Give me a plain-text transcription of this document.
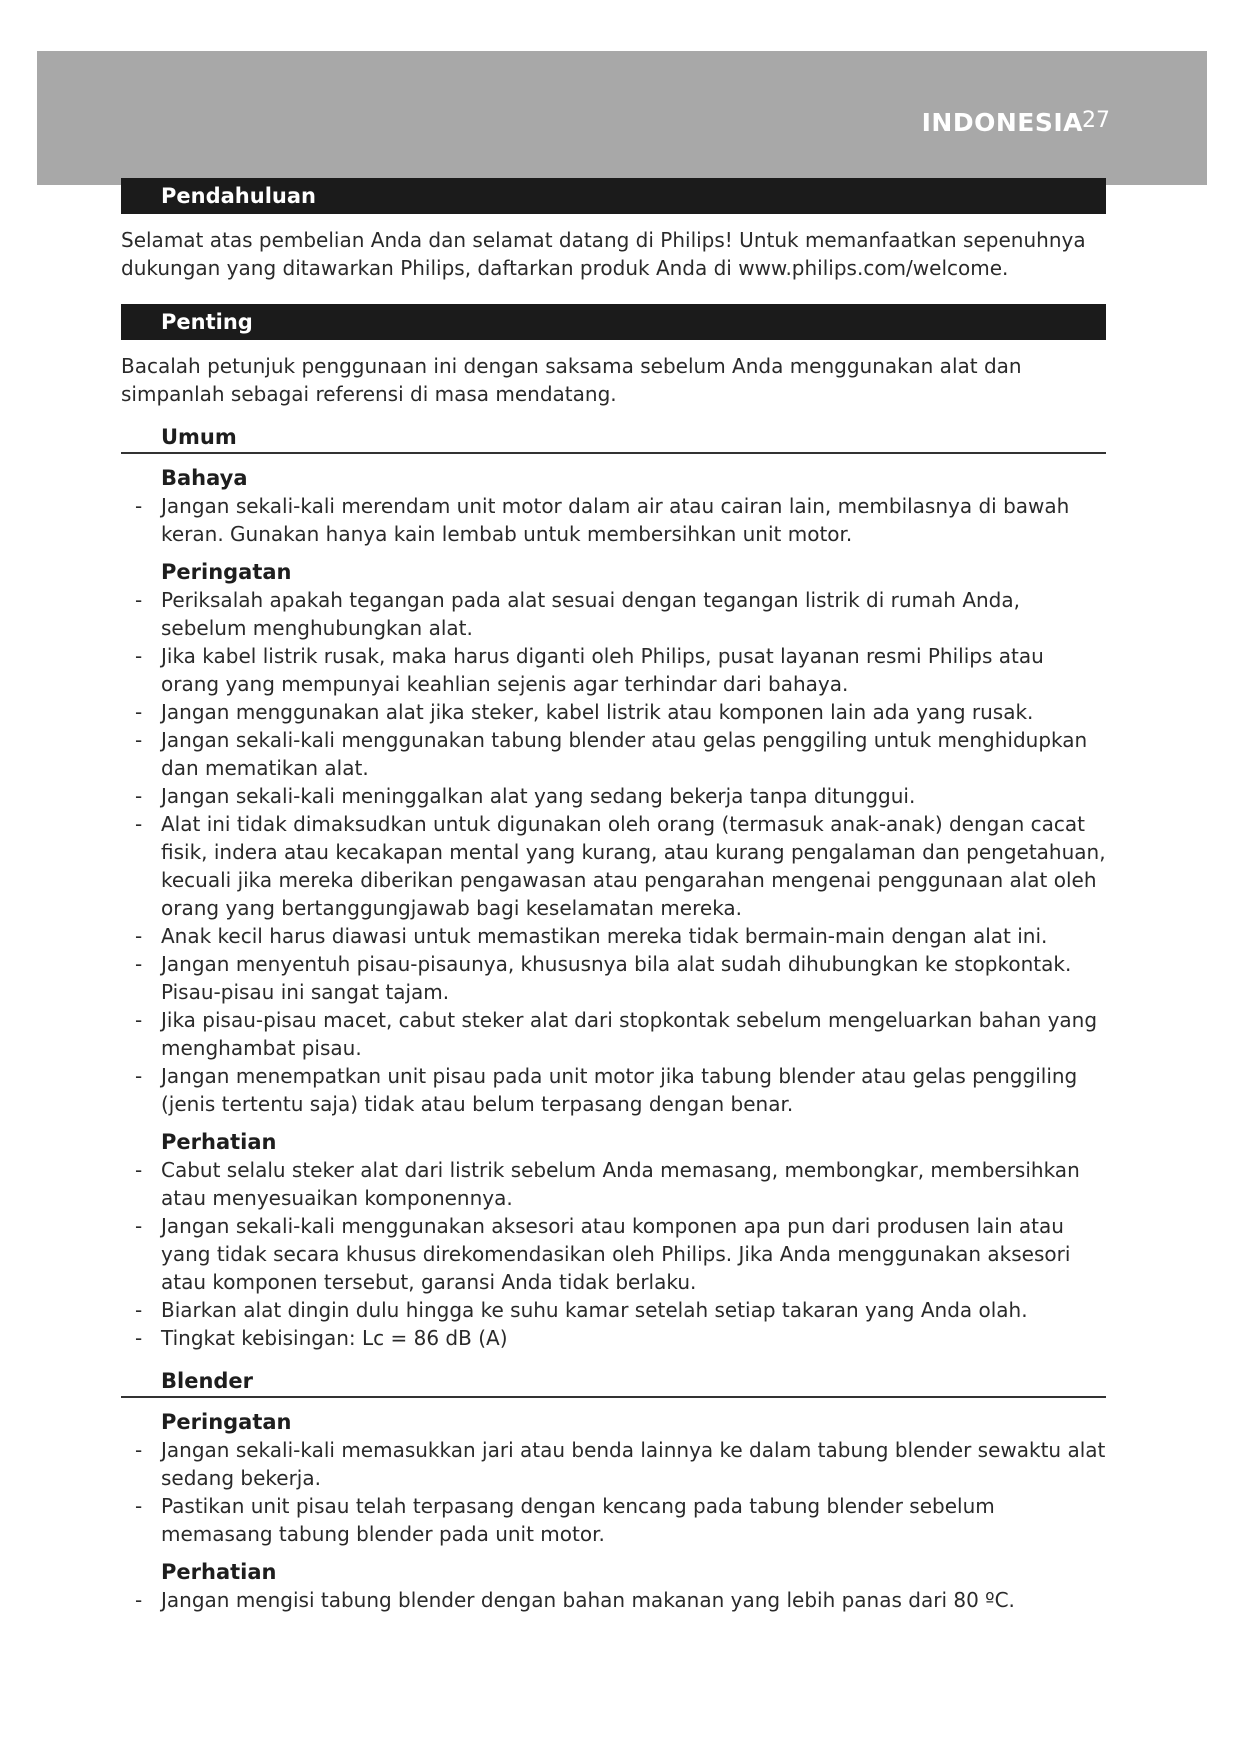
INDONESIA 27
Pendahuluan

Selamat atas pembelian Anda dan selamat datang di Philips! Untuk memanfaatkan sepenuhnya dukungan yang ditawarkan Philips, daftarkan produk Anda di www.philips.com/welcome.

Penting

Bacalah petunjuk penggunaan ini dengan saksama sebelum Anda menggunakan alat dan simpanlah sebagai referensi di masa mendatang.

Umum
Bahaya
- Jangan sekali-kali merendam unit motor dalam air atau cairan lain, membilasnya di bawah keran. Gunakan hanya kain lembab untuk membersihkan unit motor.
Peringatan
- Periksalah apakah tegangan pada alat sesuai dengan tegangan listrik di rumah Anda, sebelum menghubungkan alat.
- Jika kabel listrik rusak, maka harus diganti oleh Philips, pusat layanan resmi Philips atau orang yang mempunyai keahlian sejenis agar terhindar dari bahaya.
- Jangan menggunakan alat jika steker, kabel listrik atau komponen lain ada yang rusak.
- Jangan sekali-kali menggunakan tabung blender atau gelas penggiling untuk menghidupkan dan mematikan alat.
- Jangan sekali-kali meninggalkan alat yang sedang bekerja tanpa ditunggui.
- Alat ini tidak dimaksudkan untuk digunakan oleh orang (termasuk anak-anak) dengan cacat fisik, indera atau kecakapan mental yang kurang, atau kurang pengalaman dan pengetahuan, kecuali jika mereka diberikan pengawasan atau pengarahan mengenai penggunaan alat oleh orang yang bertanggungjawab bagi keselamatan mereka.
- Anak kecil harus diawasi untuk memastikan mereka tidak bermain-main dengan alat ini.
- Jangan menyentuh pisau-pisaunya, khususnya bila alat sudah dihubungkan ke stopkontak. Pisau-pisau ini sangat tajam.
- Jika pisau-pisau macet, cabut steker alat dari stopkontak sebelum mengeluarkan bahan yang menghambat pisau.
- Jangan menempatkan unit pisau pada unit motor jika tabung blender atau gelas penggiling (jenis tertentu saja) tidak atau belum terpasang dengan benar.
Perhatian
- Cabut selalu steker alat dari listrik sebelum Anda memasang, membongkar, membersihkan atau menyesuaikan komponennya.
- Jangan sekali-kali menggunakan aksesori atau komponen apa pun dari produsen lain atau yang tidak secara khusus direkomendasikan oleh Philips. Jika Anda menggunakan aksesori atau komponen tersebut, garansi Anda tidak berlaku.
- Biarkan alat dingin dulu hingga ke suhu kamar setelah setiap takaran yang Anda olah.
- Tingkat kebisingan: Lc = 86 dB (A)
Blender
Peringatan
- Jangan sekali-kali memasukkan jari atau benda lainnya ke dalam tabung blender sewaktu alat sedang bekerja.
- Pastikan unit pisau telah terpasang dengan kencang pada tabung blender sebelum memasang tabung blender pada unit motor.
Perhatian
- Jangan mengisi tabung blender dengan bahan makanan yang lebih panas dari 80 ºC.
